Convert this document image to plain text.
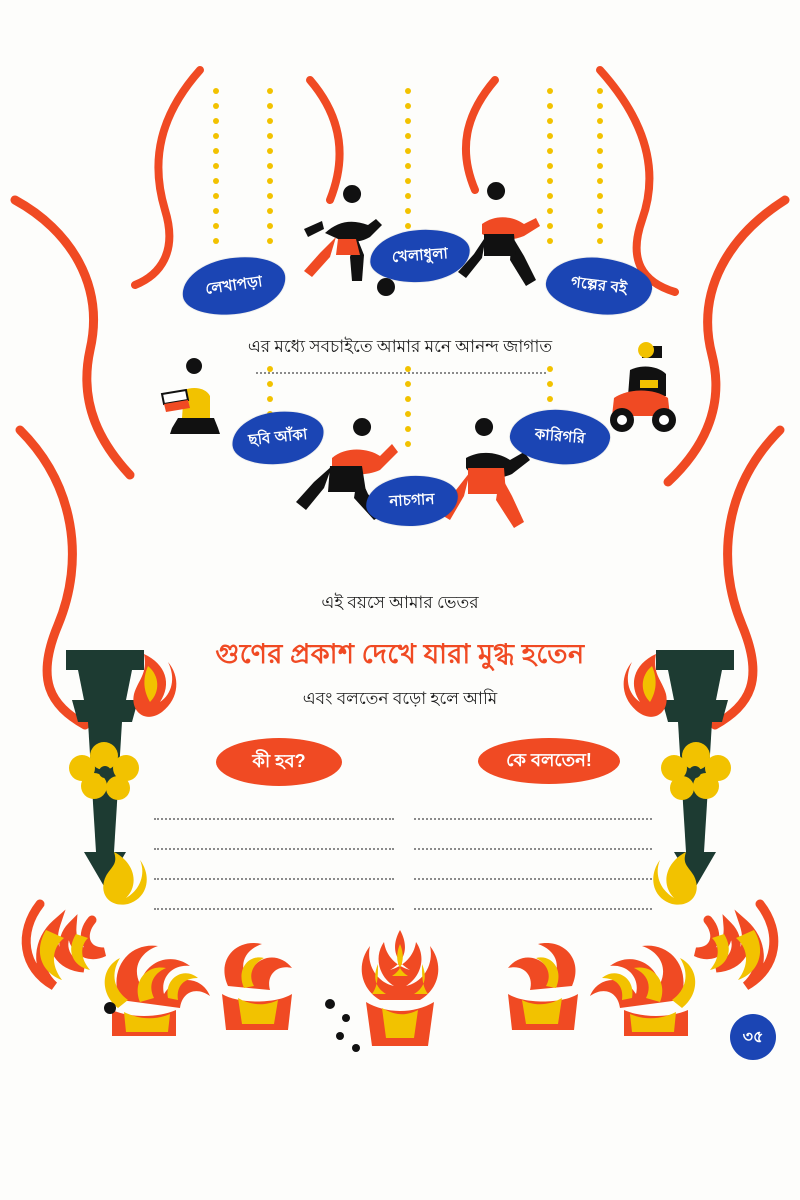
লেখাপড়া
খেলাধুলা
গল্পের বই
এর মধ্যে সবচাইতে আমার মনে আনন্দ জাগাত
ছবি আঁকা
নাচগান
কারিগরি
এই বয়সে আমার ভেতর
গুণের প্রকাশ দেখে যারা মুগ্ধ হতেন
এবং বলতেন বড়ো হলে আমি
কী হব?	কে বলতেন!
৩৫
